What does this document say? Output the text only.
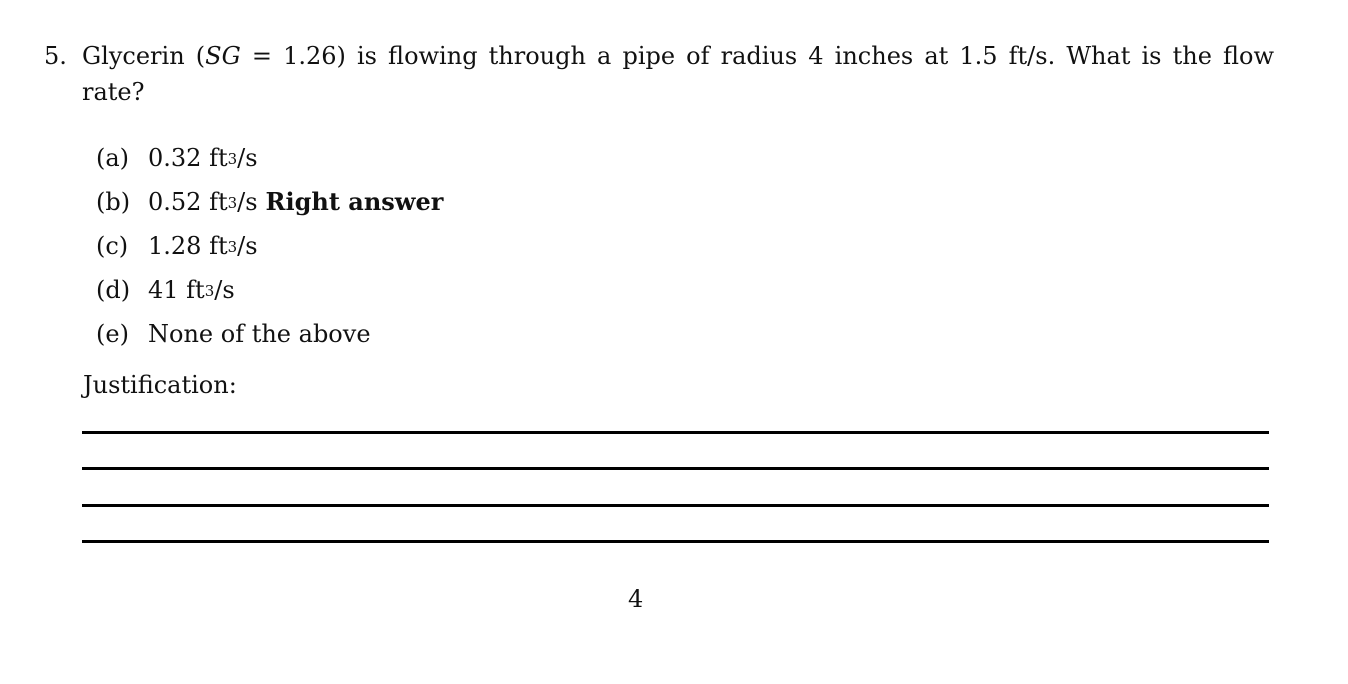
5. Glycerin (SG = 1.26) is flowing through a pipe of radius 4 inches at 1.5 ft/s. What is the flow rate?
(a) 0.32 $ft^3$ /s
(b) 0.52 $ft^3$ /s Right answer
(c) 1.28 $ft^3$ /s
(d) 41 $ft^3$ /s
(e) None of the above
Justification:
4
